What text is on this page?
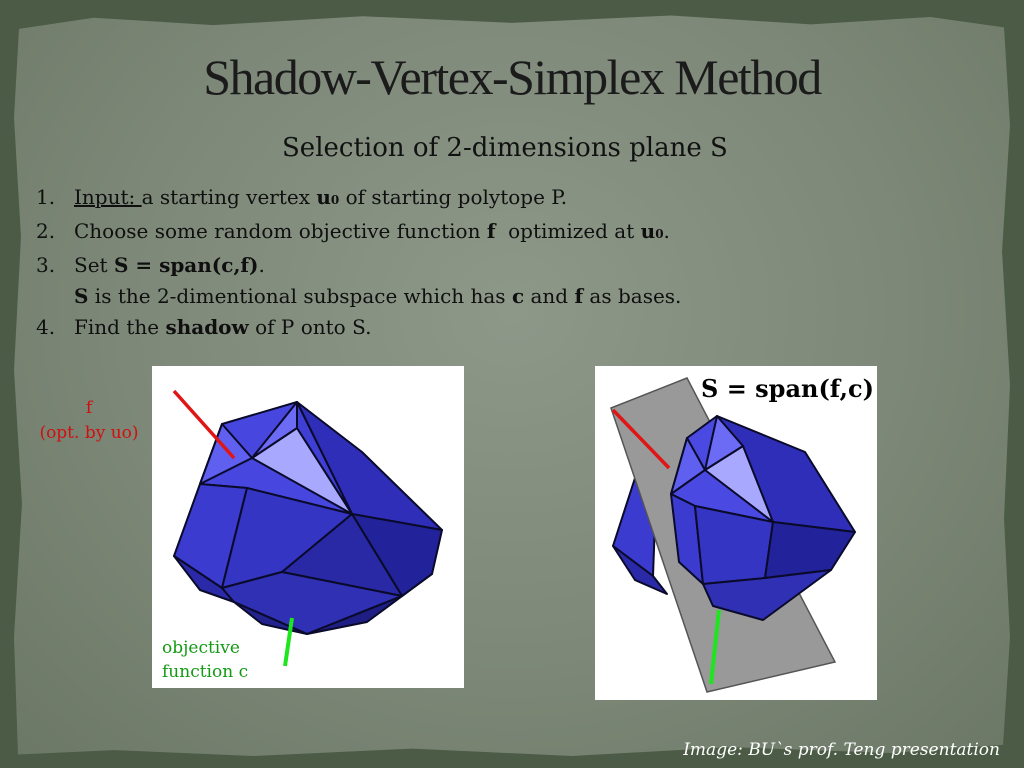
Shadow-Vertex-Simplex Method
Selection of 2-dimensions plane S
1. Input: a starting vertex u0 of starting polytope P.
2. Choose some random objective function f  optimized at u0.
3. Set S = span(c,f).
S is the 2-dimentional subspace which has c and f as bases.
4. Find the shadow of P onto S.
f
(opt. by uo)
objective
function c
S = span(f,c)
Image: BU`s prof. Teng presentation
